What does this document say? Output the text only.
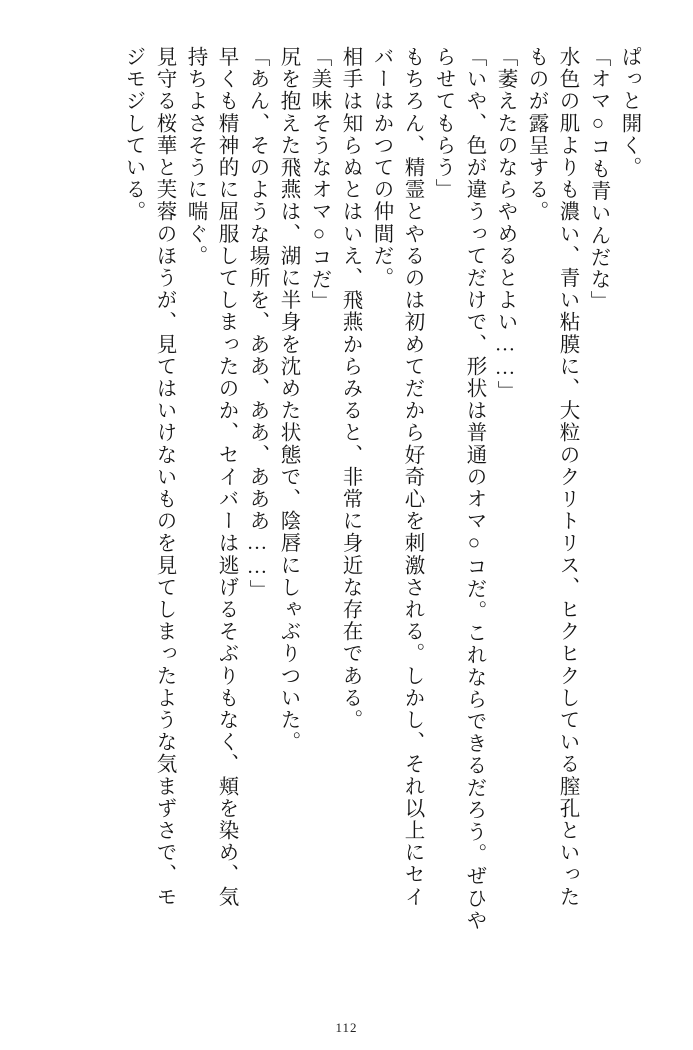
ぱっと開く。
「オマ○コも青いんだな」
水色の肌よりも濃い、青い粘膜に、大粒のクリトリス、ヒクヒクしている膣孔といった
ものが露呈する。
「萎えたのならやめるとよい……」
「いや、色が違うってだけで、形状は普通のオマ○コだ。これならできるだろう。ぜひや
らせてもらう」
もちろん、精霊とやるのは初めてだから好奇心を刺激される。しかし、それ以上にセイ
バーはかつての仲間だ。
相手は知らぬとはいえ、飛燕からみると、非常に身近な存在である。
「美味そうなオマ○コだ」
尻を抱えた飛燕は、湖に半身を沈めた状態で、陰唇にしゃぶりついた。
「あん、そのような場所を、ああ、ああ、あああ……」
早くも精神的に屈服してしまったのか、セイバーは逃げるそぶりもなく、頬を染め、気
持ちよさそうに喘ぐ。
見守る桜華と芙蓉のほうが、見てはいけないものを見てしまったような気まずさで、モ
ジモジしている。
112
